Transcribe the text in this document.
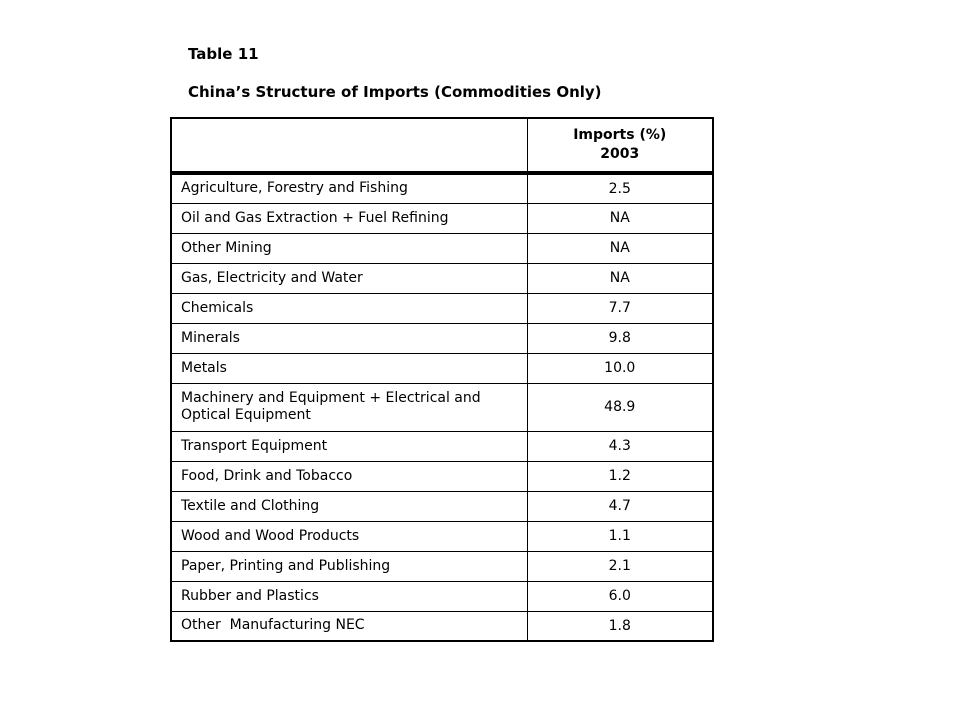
Table 11
China’s Structure of Imports (Commodities Only)

	Imports (%)
2003

Agriculture, Forestry and Fishing	2.5
Oil and Gas Extraction + Fuel Refining	NA
Other Mining	NA
Gas, Electricity and Water	NA
Chemicals	7.7
Minerals	9.8
Metals	10.0
Machinery and Equipment + Electrical and Optical Equipment	48.9
Transport Equipment	4.3
Food, Drink and Tobacco	1.2
Textile and Clothing	4.7
Wood and Wood Products	1.1
Paper, Printing and Publishing	2.1
Rubber and Plastics	6.0
Other  Manufacturing NEC	1.8
